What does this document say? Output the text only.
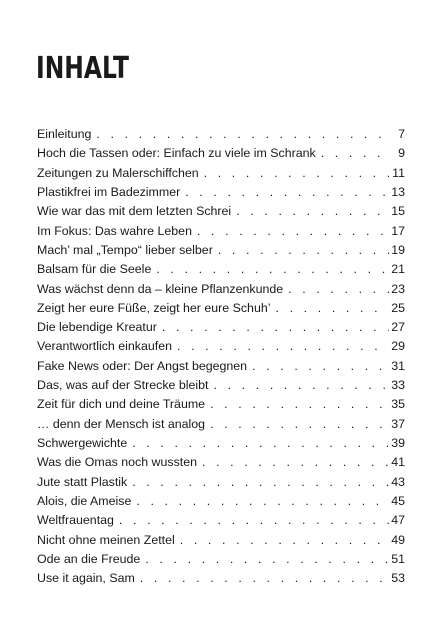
INHALT
Einleitung . . .	7
Hoch die Tassen oder: Einfach zu viele im Schrank . . .	9
Zeitungen zu Malerschiffchen . . .	11
Plastikfrei im Badezimmer . . .	13
Wie war das mit dem letzten Schrei . . .	15
Im Fokus: Das wahre Leben . . .	17
Mach’ mal „Tempo“ lieber selber . . .	19
Balsam für die Seele . . .	21
Was wächst denn da – kleine Pflanzenkunde . . .	23
Zeigt her eure Füße, zeigt her eure Schuh’ . . .	25
Die lebendige Kreatur . . .	27
Verantwortlich einkaufen . . .	29
Fake News oder: Der Angst begegnen . . .	31
Das, was auf der Strecke bleibt . . .	33
Zeit für dich und deine Träume . . .	35
… denn der Mensch ist analog . . .	37
Schwergewichte . . .	39
Was die Omas noch wussten . . .	41
Jute statt Plastik . . .	43
Alois, die Ameise . . .	45
Weltfrauentag . . .	47
Nicht ohne meinen Zettel . . .	49
Ode an die Freude . . .	51
Use it again, Sam . . .	53
